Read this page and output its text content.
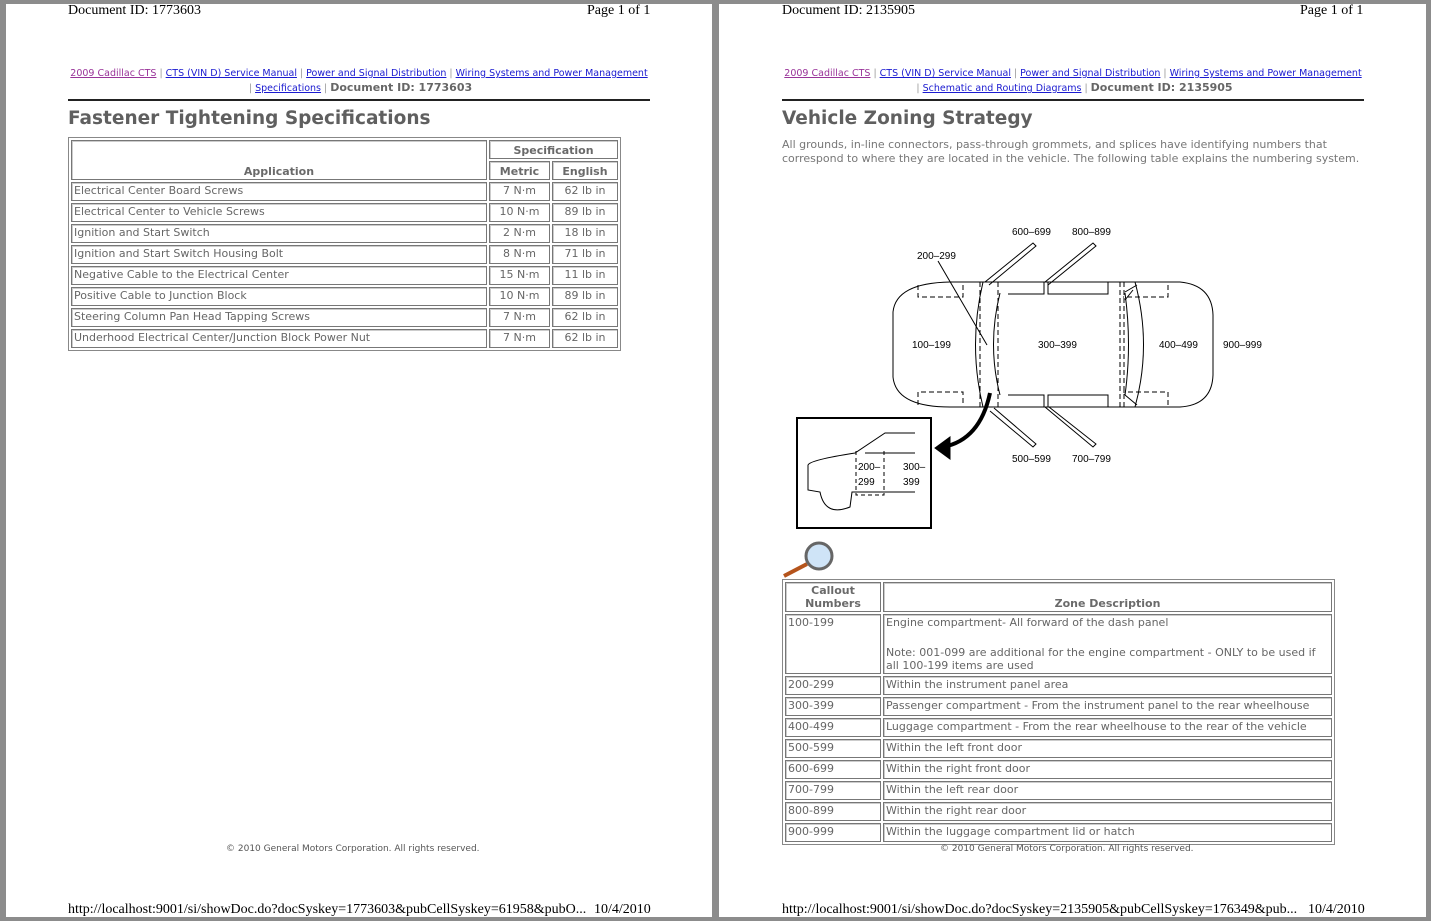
Document ID: 1773603	Page 1 of 1
2009 Cadillac CTS | CTS (VIN D) Service Manual | Power and Signal Distribution | Wiring Systems and Power Management
| Specifications | Document ID: 1773603
Fastener Tightening Specifications
Application	Specification	
	Metric	English
Electrical Center Board Screws	7 N·m	62 lb in
Electrical Center to Vehicle Screws	10 N·m	89 lb in
Ignition and Start Switch	2 N·m	18 lb in
Ignition and Start Switch Housing Bolt	8 N·m	71 lb in
Negative Cable to the Electrical Center	15 N·m	11 lb in
Positive Cable to Junction Block	10 N·m	89 lb in
Steering Column Pan Head Tapping Screws	7 N·m	62 lb in
Underhood Electrical Center/Junction Block Power Nut	7 N·m	62 lb in
© 2010 General Motors Corporation. All rights reserved.
http://localhost:9001/si/showDoc.do?docSyskey=1773603&pubCellSyskey=61958&pubO... 10/4/2010
Document ID: 2135905	Page 1 of 1
2009 Cadillac CTS | CTS (VIN D) Service Manual | Power and Signal Distribution | Wiring Systems and Power Management
| Schematic and Routing Diagrams | Document ID: 2135905
Vehicle Zoning Strategy
All grounds, in-line connectors, pass-through grommets, and splices have identifying numbers that correspond to where they are located in the vehicle. The following table explains the numbering system.
600–699 800–899
200–299
100–199	300–399	400–499	900–999
500–599 700–799
200–
299
300–
399
Callout Numbers	Zone Description
100-199	Engine compartment- All forward of the dash panel
Note: 001-099 are additional for the engine compartment - ONLY to be used if all 100-199 items are used

200-299	Within the instrument panel area

300-399	Passenger compartment - From the instrument panel to the rear wheelhouse

400-499	Luggage compartment - From the rear wheelhouse to the rear of the vehicle

500-599	Within the left front door

600-699	Within the right front door

700-799	Within the left rear door

800-899	Within the right rear door

900-999	Within the luggage compartment lid or hatch
© 2010 General Motors Corporation. All rights reserved.
http://localhost:9001/si/showDoc.do?docSyskey=2135905&pubCellSyskey=176349&pub... 10/4/2010
